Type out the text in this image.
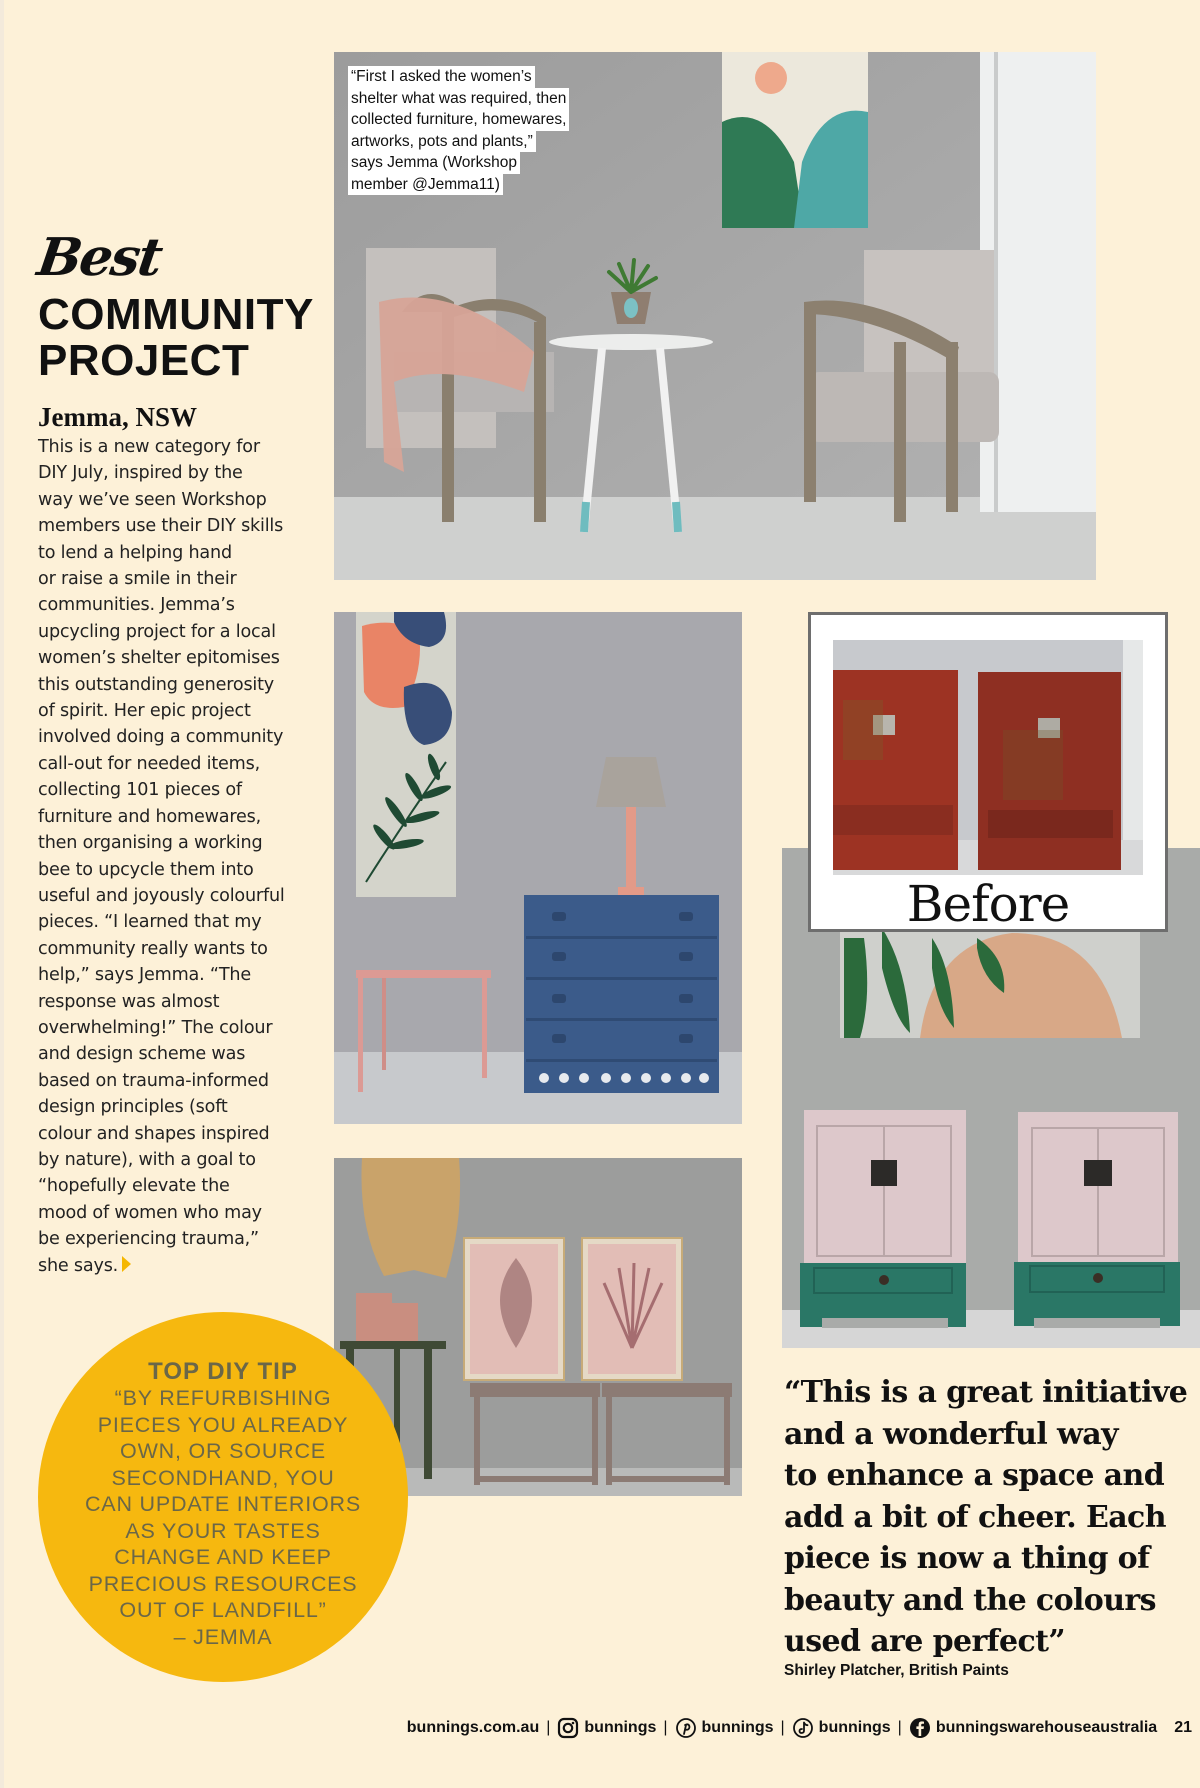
Best
COMMUNITY
PROJECT
Jemma, NSW
This is a new category for
DIY July, inspired by the
way we’ve seen Workshop
members use their DIY skills
to lend a helping hand
or raise a smile in their
communities. Jemma’s
upcycling project for a local
women’s shelter epitomises
this outstanding generosity
of spirit. Her epic project
involved doing a community
call-out for needed items,
collecting 101 pieces of
furniture and homewares,
then organising a working
bee to upcycle them into
useful and joyously colourful
pieces. “I learned that my
community really wants to
help,” says Jemma. “The
response was almost
overwhelming!” The colour
and design scheme was
based on trauma-informed
design principles (soft
colour and shapes inspired
by nature), with a goal to
“hopefully elevate the
mood of women who may
be experiencing trauma,”
she says.
“First I asked the women’s
shelter what was required, then
collected furniture, homewares,
artworks, pots and plants,”
says Jemma (Workshop
member @Jemma11)
Before
TOP DIY TIP
“BY REFURBISHING
PIECES YOU ALREADY
OWN, OR SOURCE
SECONDHAND, YOU
CAN UPDATE INTERIORS
AS YOUR TASTES
CHANGE AND KEEP
PRECIOUS RESOURCES
OUT OF LANDFILL”
– JEMMA
“This is a great initiative
and a wonderful way
to enhance a space and
add a bit of cheer. Each
piece is now a thing of
beauty and the colours
used are perfect”
Shirley Platcher, British Paints
bunnings.com.au | bunnings | bunnings | bunnings | bunningswarehouseaustralia 21
